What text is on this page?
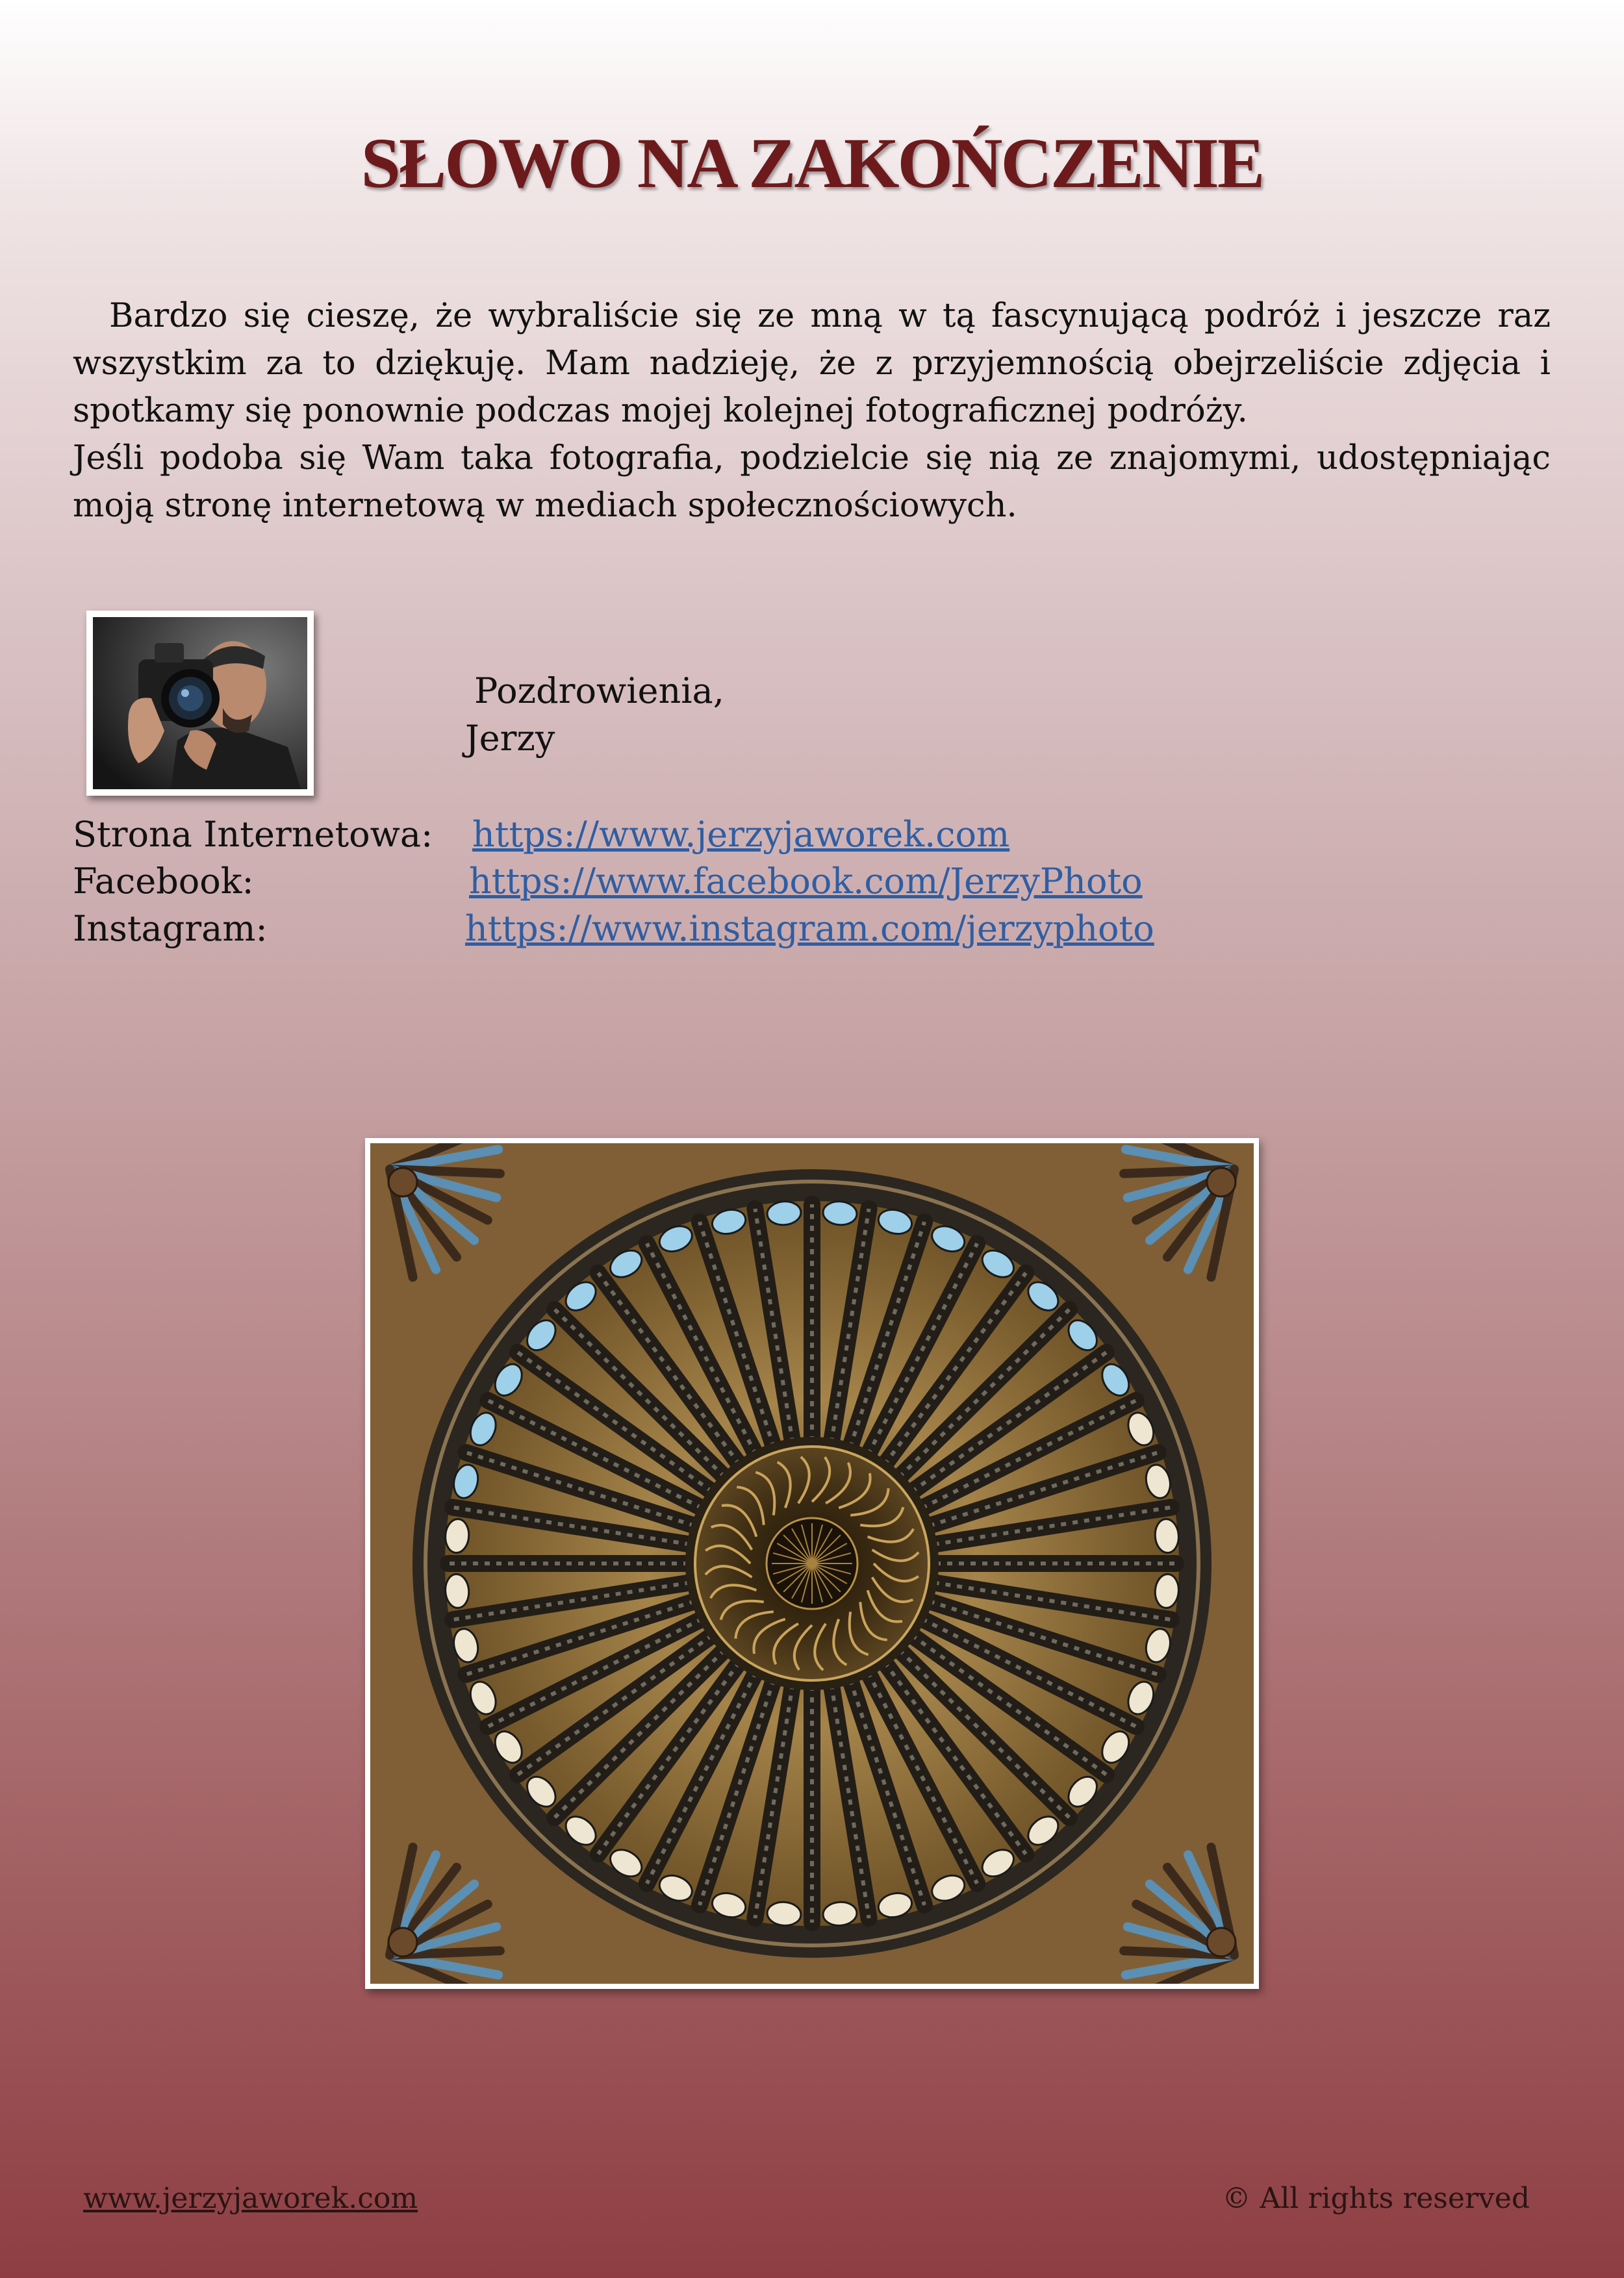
SŁOWO NA ZAKOŃCZENIE

Bardzo się cieszę, że wybraliście się ze mną w tą fascynującą podróż i jeszcze raz wszystkim za to dziękuję. Mam nadzieję, że z przyjemnością obejrzeliście zdjęcia i spotkamy się ponownie podczas mojej kolejnej fotograficznej podróży.

Jeśli podoba się Wam taka fotografia, podzielcie się nią ze znajomymi, udostępniając moją stronę internetową w mediach społecznościowych.

Pozdrowienia,
Jerzy
Strona Internetowa: https://www.jerzyjaworek.com
Facebook:	https://www.facebook.com/JerzyPhoto
Instagram:	https://www.instagram.com/jerzyphoto
www.jerzyjaworek.com	© All rights reserved
